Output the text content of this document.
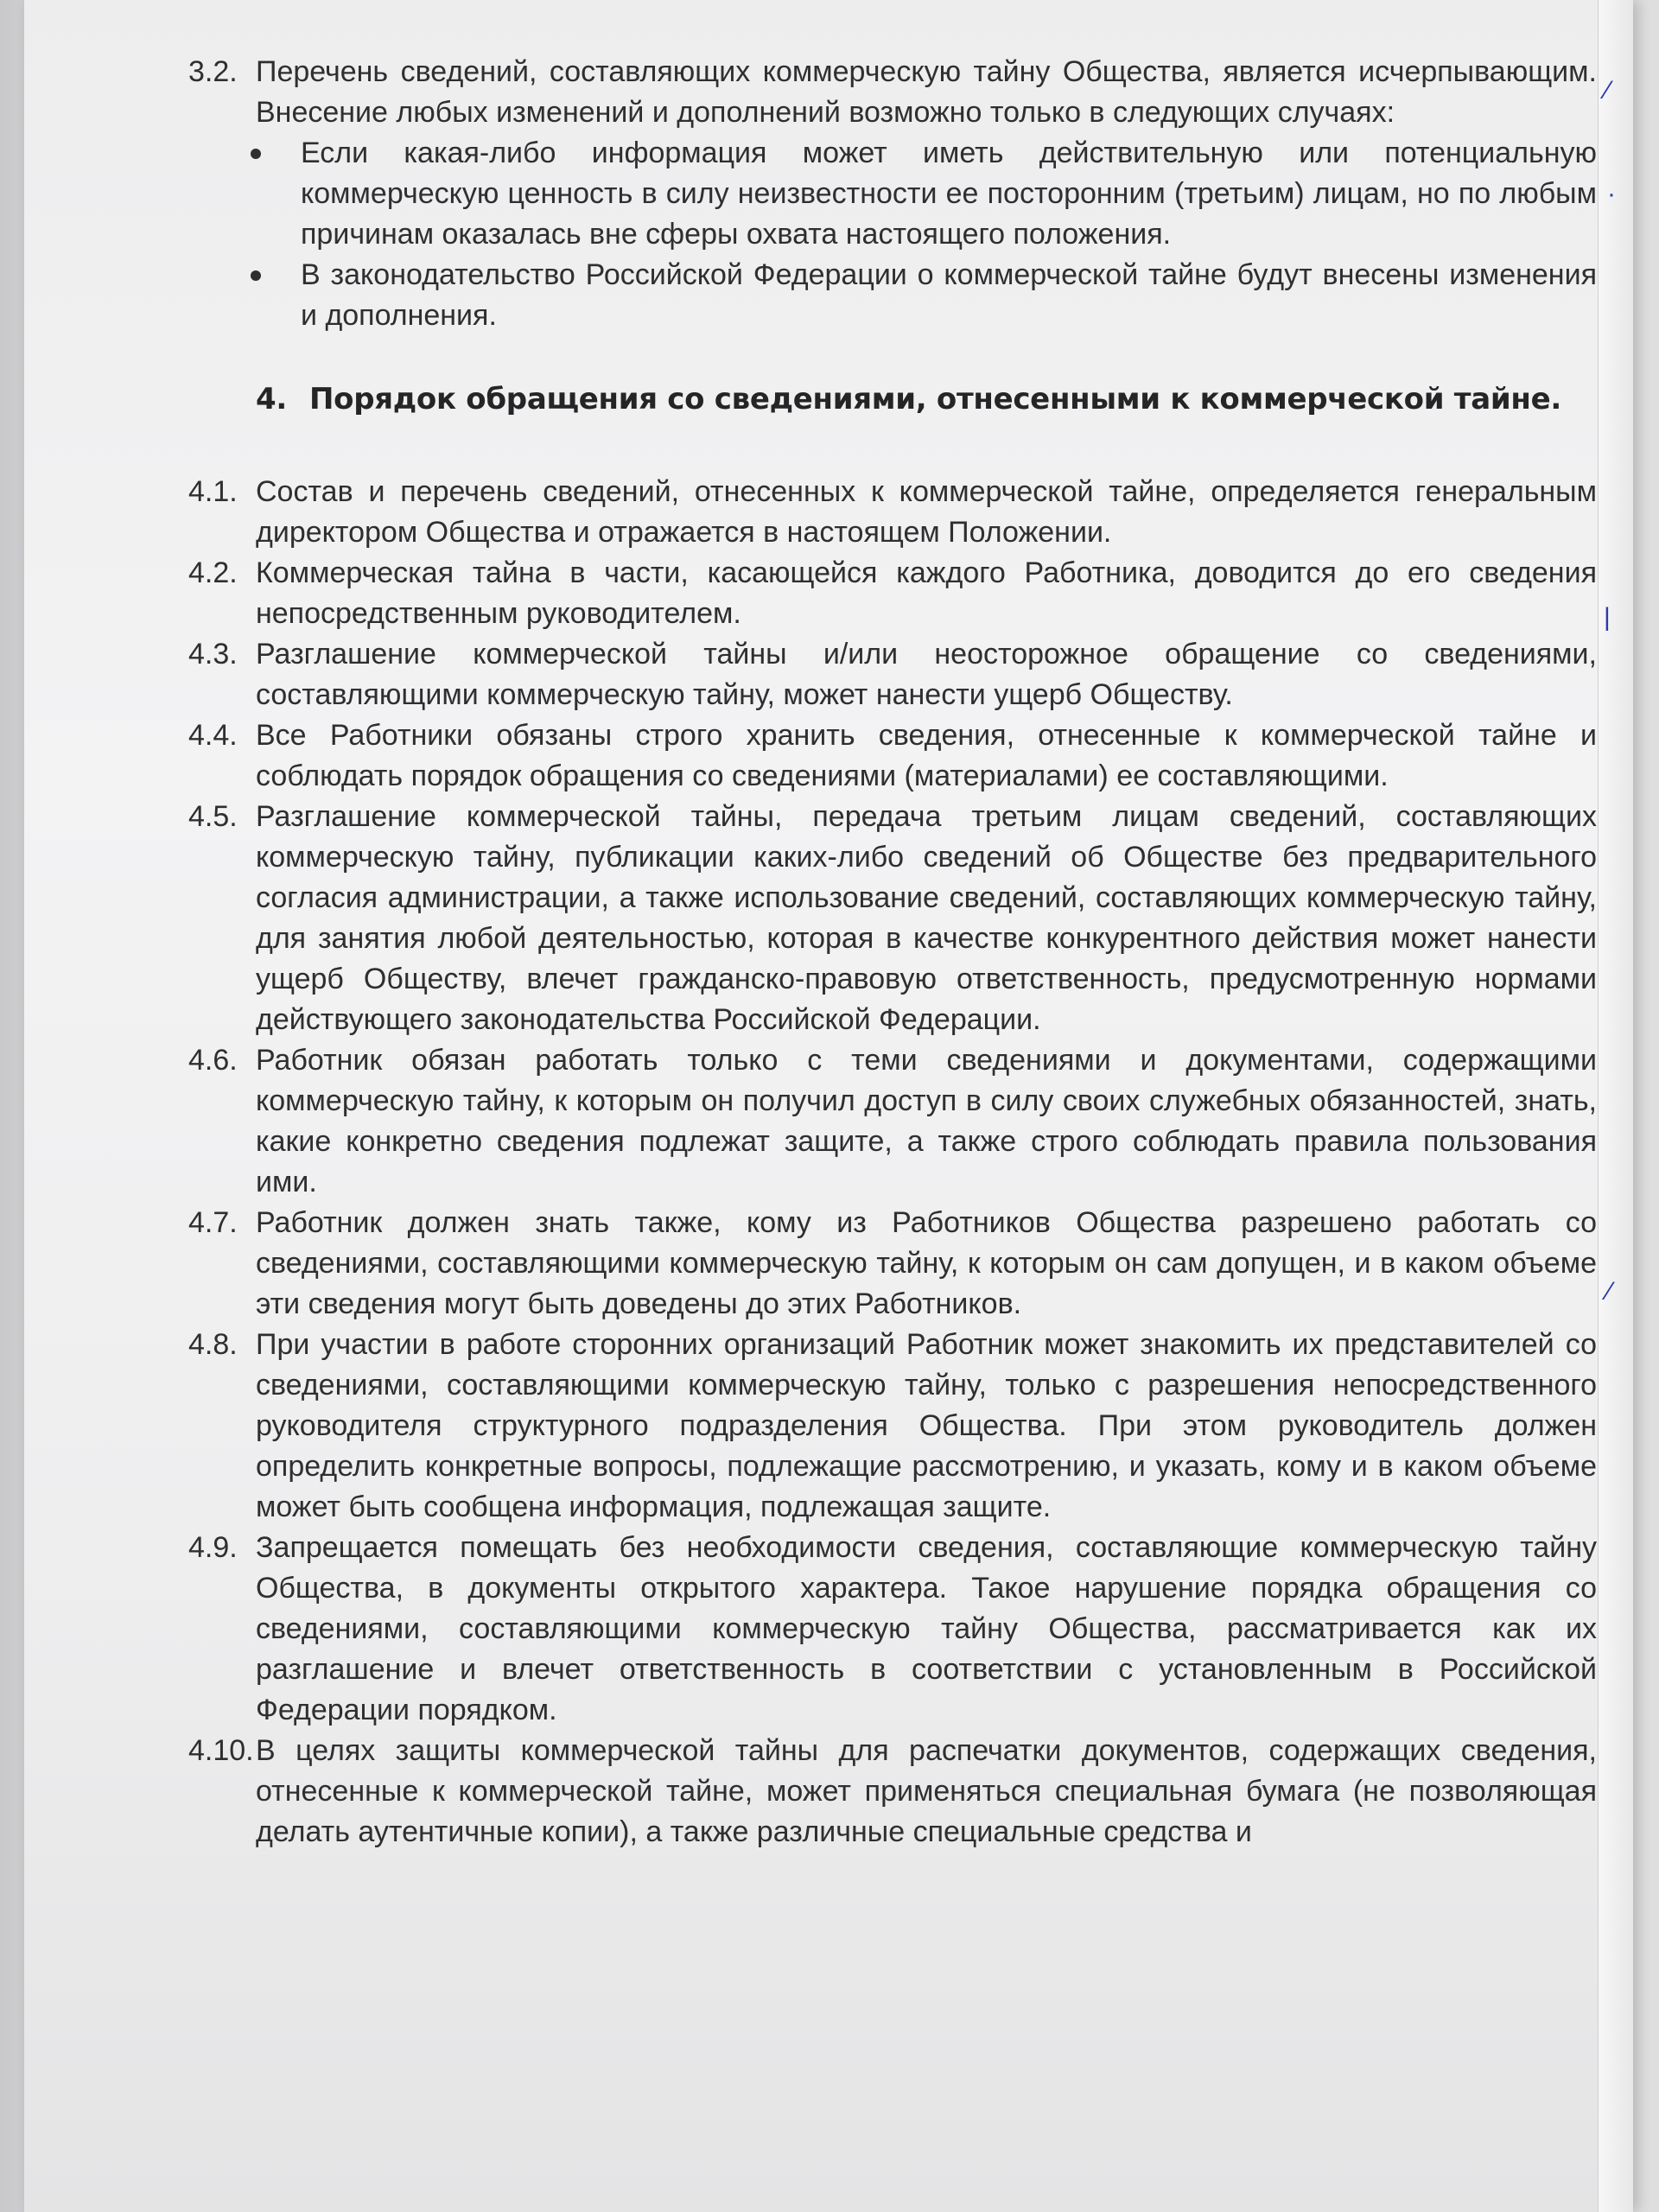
⁄
·
|
⁄
3.2. Перечень сведений, составляющих коммерческую тайну Общества, является исчерпывающим. Внесение любых изменений и дополнений возможно только в следующих случаях:
Если какая-либо информация может иметь действительную или потенциальную коммерческую ценность в силу неизвестности ее посторонним (третьим) лицам, но по любым причинам оказалась вне сферы охвата настоящего положения.
В законодательство Российской Федерации о коммерческой тайне будут внесены изменения и дополнения.
4. Порядок обращения со сведениями, отнесенными к коммерческой тайне.
4.1. Состав и перечень сведений, отнесенных к коммерческой тайне, определяется генеральным директором Общества и отражается в настоящем Положении.
4.2. Коммерческая тайна в части, касающейся каждого Работника, доводится до его сведения непосредственным руководителем.
4.3. Разглашение коммерческой тайны и/или неосторожное обращение со сведениями, составляющими коммерческую тайну, может нанести ущерб Обществу.
4.4. Все Работники обязаны строго хранить сведения, отнесенные к коммерческой тайне и соблюдать порядок обращения со сведениями (материалами) ее составляющими.
4.5. Разглашение коммерческой тайны, передача третьим лицам сведений, составляющих коммерческую тайну, публикации каких-либо сведений об Обществе без предварительного согласия администрации, а также использование сведений, составляющих коммерческую тайну, для занятия любой деятельностью, которая в качестве конкурентного действия может нанести ущерб Обществу, влечет гражданско-правовую ответственность, предусмотренную нормами действующего законодательства Российской Федерации.
4.6. Работник обязан работать только с теми сведениями и документами, содержащими коммерческую тайну, к которым он получил доступ в силу своих служебных обязанностей, знать, какие конкретно сведения подлежат защите, а также строго соблюдать правила пользования ими.
4.7. Работник должен знать также, кому из Работников Общества разрешено работать со сведениями, составляющими коммерческую тайну, к которым он сам допущен, и в каком объеме эти сведения могут быть доведены до этих Работников.
4.8. При участии в работе сторонних организаций Работник может знакомить их представителей со сведениями, составляющими коммерческую тайну, только с разрешения непосредственного руководителя структурного подразделения Общества. При этом руководитель должен определить конкретные вопросы, подлежащие рассмотрению, и указать, кому и в каком объеме может быть сообщена информация, подлежащая защите.
4.9. Запрещается помещать без необходимости сведения, составляющие коммерческую тайну Общества, в документы открытого характера. Такое нарушение порядка обращения со сведениями, составляющими коммерческую тайну Общества, рассматривается как их разглашение и влечет ответственность в соответствии с установленным в Российской Федерации порядком.
4.10. В целях защиты коммерческой тайны для распечатки документов, содержащих сведения, отнесенные к коммерческой тайне, может применяться специальная бумага (не позволяющая делать аутентичные копии), а также различные специальные средства и
